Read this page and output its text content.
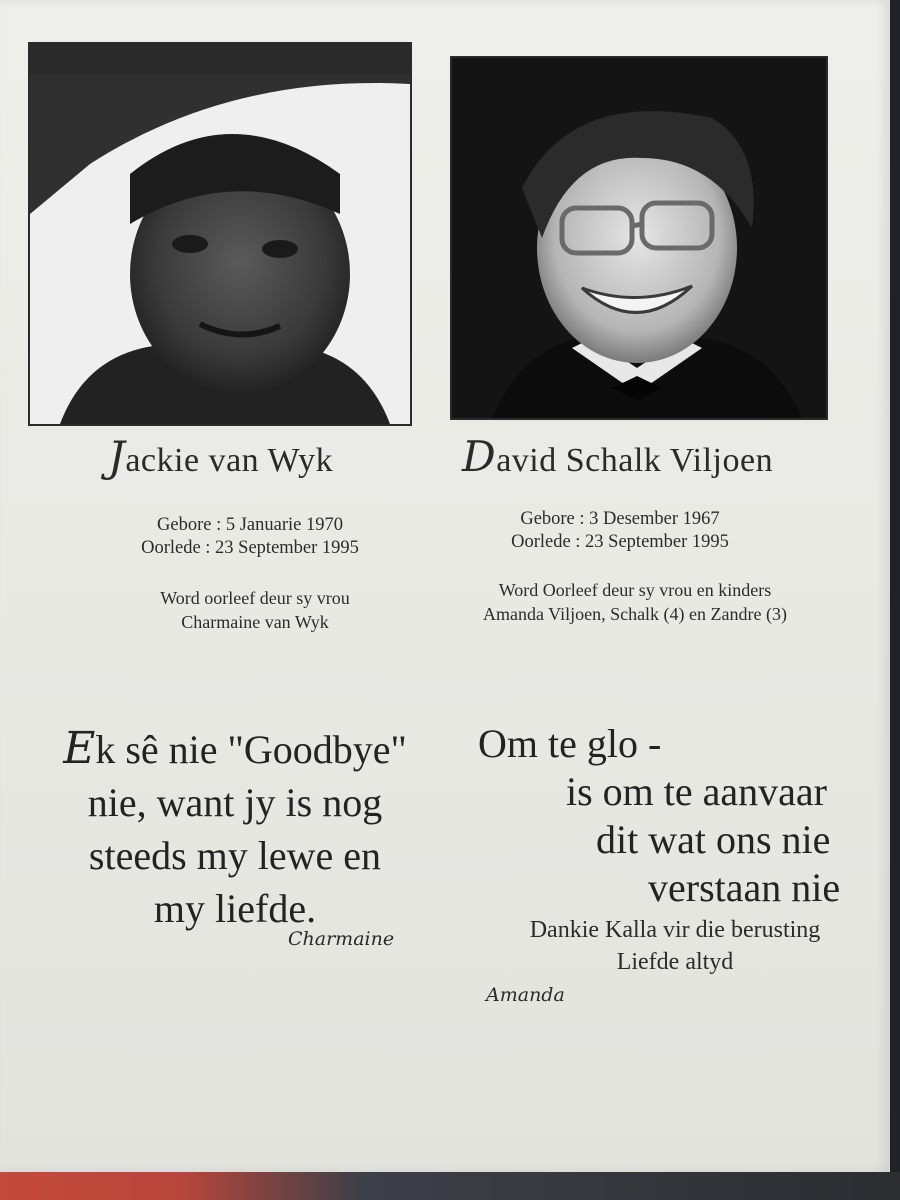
Jackie van Wyk	David Schalk Viljoen
Gebore : 5 Januarie 1970
Oorlede : 23 September 1995
Gebore : 3 Desember 1967
Oorlede : 23 September 1995
Word oorleef deur sy vrou
Charmaine van Wyk
Word Oorleef deur sy vrou en kinders
Amanda Viljoen, Schalk (4) en Zandre (3)
Ek sê nie "Goodbye"
nie, want jy is nog
steeds my lewe en
my liefde.
Charmaine
Om te glo -
is om te aanvaar
dit wat ons nie
verstaan nie
Dankie Kalla vir die berusting
Liefde altyd
Amanda
